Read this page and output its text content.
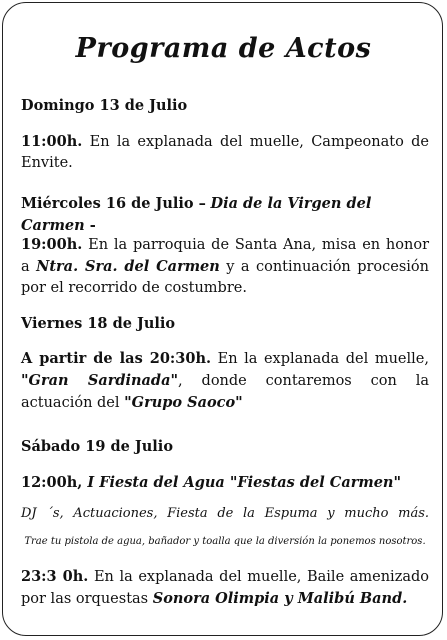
Programa de Actos
Domingo 13 de Julio
11:00h. En la explanada del muelle, Campeonato de Envite.
Miércoles 16 de Julio – Dia de la Virgen del Carmen -
19:00h. En la parroquia de Santa Ana, misa en honor a Ntra. Sra. del Carmen y a continuación procesión por el recorrido de costumbre.
Viernes 18 de Julio
A partir de las 20:30h. En la explanada del muelle, "Gran Sardinada", donde contaremos con la actuación del "Grupo Saoco"
Sábado 19 de Julio
12:00h, I Fiesta del Agua "Fiestas del Carmen"
DJ ´s, Actuaciones, Fiesta de la Espuma y mucho más.
Trae tu pistola de agua, bañador y toalla que la diversión la ponemos nosotros.
23:3 0h. En la explanada del muelle, Baile amenizado por las orquestas Sonora Olimpia y Malibú Band.
